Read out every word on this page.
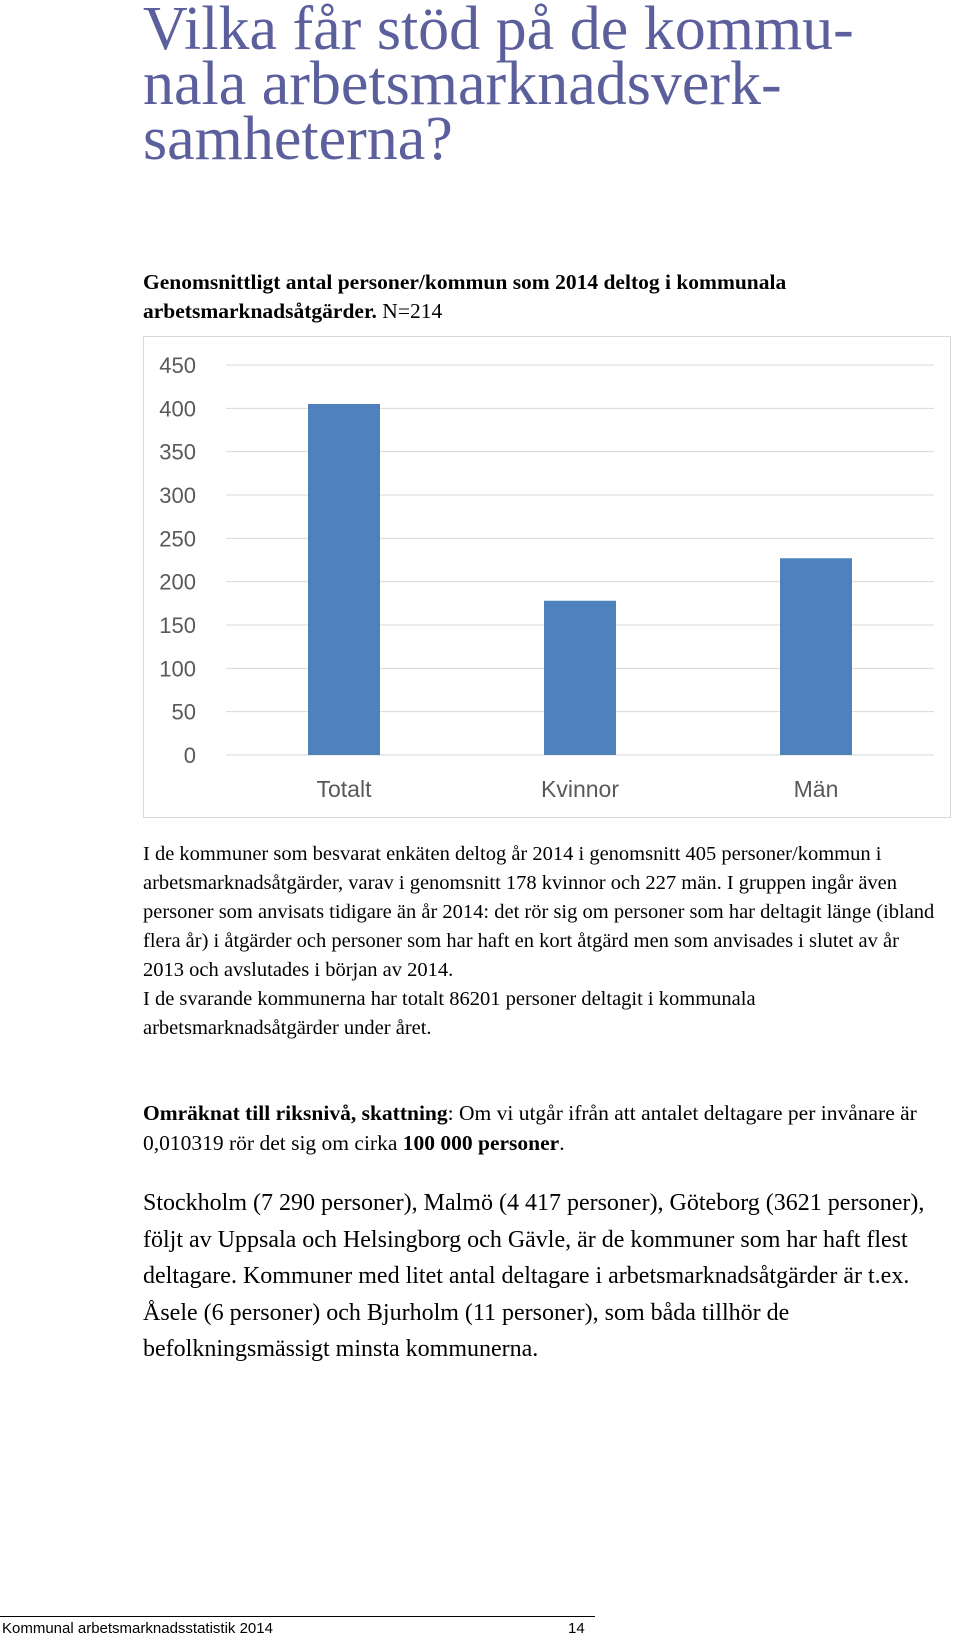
Vilka får stöd på de kommu-
nala arbetsmarknadsverk-
samheterna?

Genomsnittligt antal personer/kommun som 2014 deltog i kommunala arbetsmarknadsåtgärder. N=214

0
50
100
150
200
250
300
350
400
450
Totalt	Kvinnor	Män

I de kommuner som besvarat enkäten deltog år 2014 i genomsnitt 405 personer/kommun i arbetsmarknadsåtgärder, varav i genomsnitt 178 kvinnor och 227 män. I gruppen ingår även personer som anvisats tidigare än år 2014: det rör sig om personer som har deltagit länge (ibland flera år) i åtgärder och personer som har haft en kort åtgärd men som anvisades i slutet av år 2013 och avslutades i början av 2014.
I de svarande kommunerna har totalt 86201 personer deltagit i kommunala arbetsmarknadsåtgärder under året.

Omräknat till riksnivå, skattning: Om vi utgår ifrån att antalet deltagare per invånare är 0,010319 rör det sig om cirka 100 000 personer.

Stockholm (7 290 personer), Malmö (4 417 personer), Göteborg (3621 personer), följt av Uppsala och Helsingborg och Gävle, är de kommuner som har haft flest deltagare. Kommuner med litet antal deltagare i arbetsmarknadsåtgärder är t.ex. Åsele (6 personer) och Bjurholm (11 personer), som båda tillhör de befolkningsmässigt minsta kommunerna.

Kommunal arbetsmarknadsstatistik 2014	14
